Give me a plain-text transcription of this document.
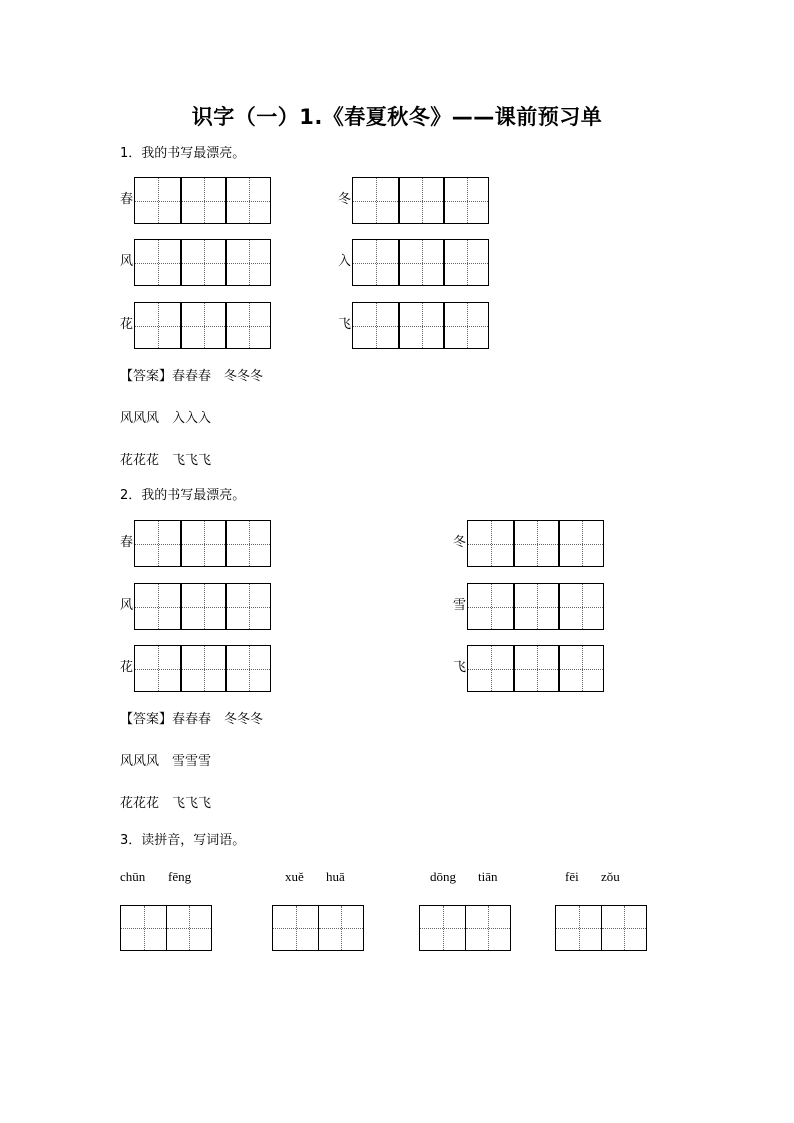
识字（一）1.《春夏秋冬》——课前预习单
1．我的书写最漂亮。
春	冬
风	入
花	飞
【答案】春春春　冬冬冬
风风风　入入入
花花花　飞飞飞
2．我的书写最漂亮。
春	冬
风	雪
花	飞
【答案】春春春　冬冬冬
风风风　雪雪雪
花花花　飞飞飞
3．读拼音，写词语。
chūn fēng	xuě huā	dōng tiān	fēi zǒu
